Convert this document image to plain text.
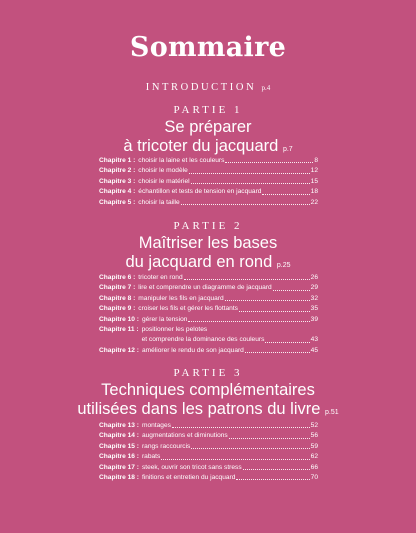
Sommaire
INTRODUCTION p.4
PARTIE 1
Se préparer
à tricoter du jacquard p.7
Chapitre 1 : choisir la laine et les couleurs	8
Chapitre 2 : choisir le modèle	12
Chapitre 3 : choisir le matériel	15
Chapitre 4 : échantillon et tests de tension en jacquard	18
Chapitre 5 : choisir la taille	22
PARTIE 2
Maîtriser les bases
du jacquard en rond p.25
Chapitre 6 : tricoter en rond	26
Chapitre 7 : lire et comprendre un diagramme de jacquard	29
Chapitre 8 : manipuler les fils en jacquard	32
Chapitre 9 : croiser les fils et gérer les flottants	35
Chapitre 10 : gérer la tension	39
Chapitre 11 : positionner les pelotes
et comprendre la dominance des couleurs	43
Chapitre 12 : améliorer le rendu de son jacquard	45
PARTIE 3
Techniques complémentaires
utilisées dans les patrons du livre p.51
Chapitre 13 : montages	52
Chapitre 14 : augmentations et diminutions	56
Chapitre 15 : rangs raccourcis	59
Chapitre 16 : rabats	62
Chapitre 17 : steek, ouvrir son tricot sans stress	66
Chapitre 18 : finitions et entretien du jacquard	70
